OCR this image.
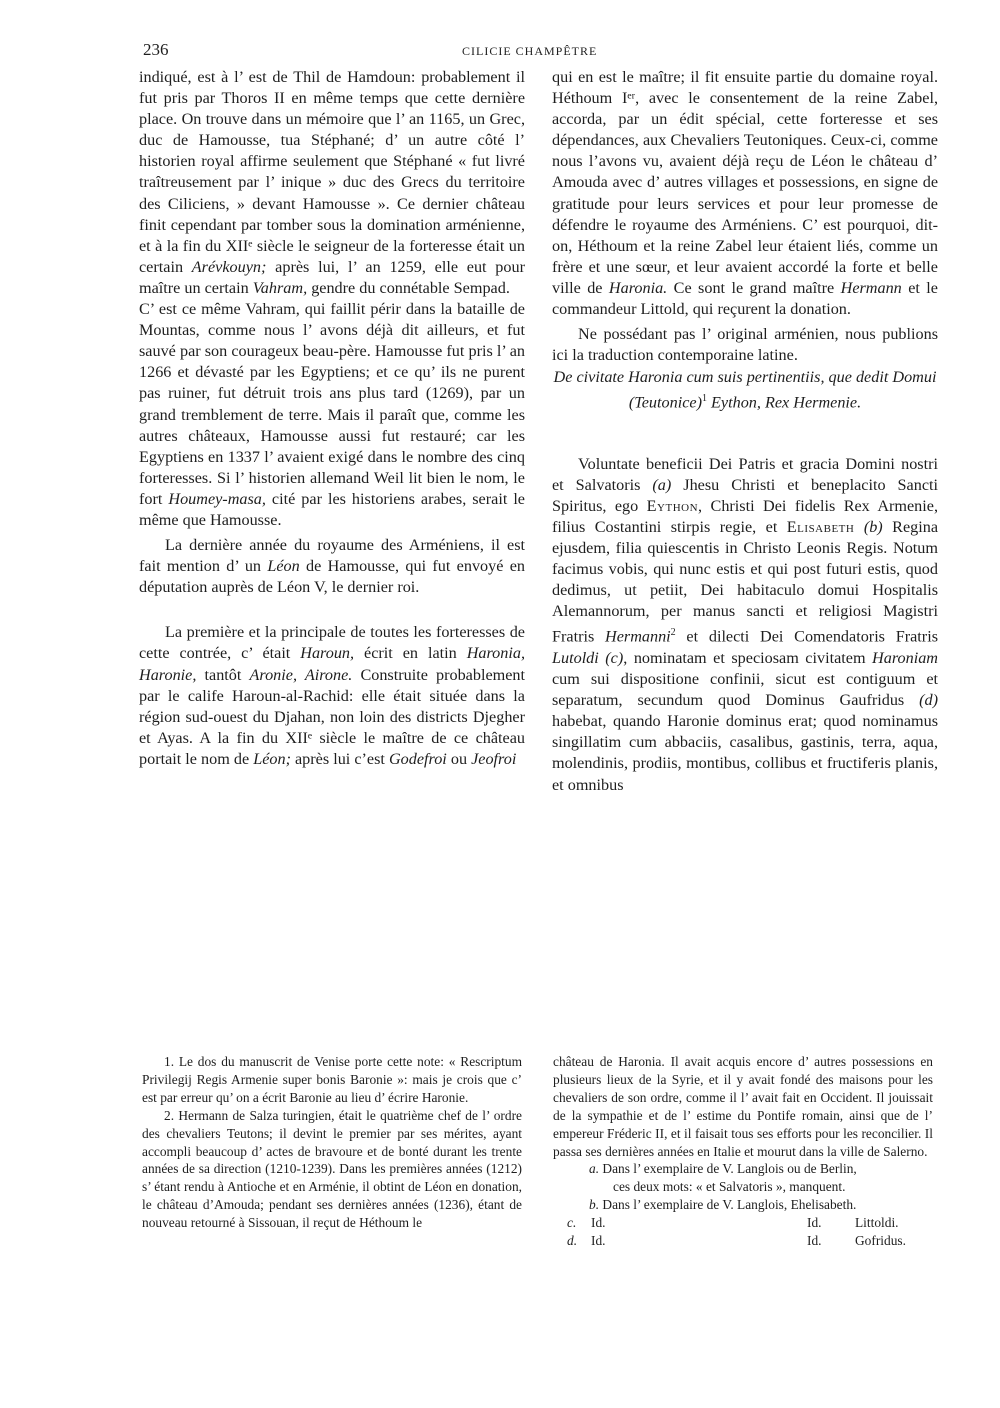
236	CILICIE CHAMPÊTRE

indiqué, est à l’ est de Thil de Hamdoun: probablement il fut pris par Thoros II en même temps que cette dernière place. On trouve dans un mémoire que l’ an 1165, un Grec, duc de Hamousse, tua Stéphané; d’ un autre côté l’ historien royal affirme seulement que Stéphané « fut livré traîtreusement par l’ inique » duc des Grecs du territoire des Ciliciens, » devant Hamousse ». Ce dernier château finit cependant par tomber sous la domination arménienne, et à la fin du XIIᵉ siècle le seigneur de la forteresse était un certain Arévkouyn; après lui, l’ an 1259, elle eut pour maître un certain Vahram, gendre du connétable Sempad.

C’ est ce même Vahram, qui faillit périr dans la bataille de Mountas, comme nous l’ avons déjà dit ailleurs, et fut sauvé par son courageux beau-père. Hamousse fut pris l’ an 1266 et dévasté par les Egyptiens; et ce qu’ ils ne purent pas ruiner, fut détruit trois ans plus tard (1269), par un grand tremblement de terre. Mais il paraît que, comme les autres châteaux, Hamousse aussi fut restauré; car les Egyptiens en 1337 l’ avaient exigé dans le nombre des cinq forteresses. Si l’ historien allemand Weil lit bien le nom, le fort Houmey-masa, cité par les historiens arabes, serait le même que Hamousse.

La dernière année du royaume des Arméniens, il est fait mention d’ un Léon de Hamousse, qui fut envoyé en députation auprès de Léon V, le dernier roi.

La première et la principale de toutes les forteresses de cette contrée, c’ était Haroun, écrit en latin Haronia, Haronie, tantôt Aronie, Airone. Construite probablement par le calife Haroun-al-Rachid: elle était située dans la région sud-ouest du Djahan, non loin des districts Djegher et Ayas. A la fin du XIIᵉ siècle le maître de ce château portait le nom de Léon; après lui c’est Godefroi ou Jeofroi

qui en est le maître; il fit ensuite partie du domaine royal. Héthoum Iᵉʳ, avec le consentement de la reine Zabel, accorda, par un édit spécial, cette forteresse et ses dépendances, aux Chevaliers Teutoniques. Ceux-ci, comme nous l’avons vu, avaient déjà reçu de Léon le château d’ Amouda avec d’ autres villages et possessions, en signe de gratitude pour leurs services et pour leur promesse de défendre le royaume des Arméniens. C’ est pourquoi, dit-on, Héthoum et la reine Zabel leur étaient liés, comme un frère et une sœur, et leur avaient accordé la forte et belle ville de Haronia. Ce sont le grand maître Hermann et le commandeur Littold, qui reçurent la donation.

Ne possédant pas l’ original arménien, nous publions ici la traduction contemporaine latine.

De civitate Haronia cum suis pertinentiis, que dedit Domui (Teutonice)$^1$ Eython, Rex Hermenie.

Voluntate beneficii Dei Patris et gracia Domini nostri et Salvatoris (a) Jhesu Christi et beneplacito Sancti Spiritus, ego Eython, Christi Dei fidelis Rex Armenie, filius Costantini stirpis regie, et Elisabeth (b) Regina ejusdem, filia quiescentis in Christo Leonis Regis. Notum facimus vobis, qui nunc estis et qui post futuri estis, quod dedimus, ut petiit, Dei habitaculo domui Hospitalis Alemannorum, per manus sancti et religiosi Magistri Fratris Hermanni$^2$ et dilecti Dei Comendatoris Fratris Lutoldi (c), nominatam et speciosam civitatem Haroniam cum sui dispositione confinii, sicut est contiguum et separatum, secundum quod Dominus Gaufridus (d) habebat, quando Haronie dominus erat; quod nominamus singillatim cum abbaciis, casalibus, gastinis, terra, aqua, molendinis, prodiis, montibus, collibus et fructiferis planis, et omnibus

1. Le dos du manuscrit de Venise porte cette note: « Rescriptum Privilegij Regis Armenie super bonis Baronie »: mais je crois que c’ est par erreur qu’ on a écrit Baronie au lieu d’ écrire Haronie.

2. Hermann de Salza turingien, était le quatrième chef de l’ ordre des chevaliers Teutons; il devint le premier par ses mérites, ayant accompli beaucoup d’ actes de bravoure et de bonté durant les trente années de sa direction (1210-1239). Dans les premières années (1212) s’ étant rendu à Antioche et en Arménie, il obtint de Léon en donation, le château d’Amouda; pendant ses dernières années (1236), étant de nouveau retourné à Sissouan, il reçut de Héthoum le

château de Haronia. Il avait acquis encore d’ autres possessions en plusieurs lieux de la Syrie, et il y avait fondé des maisons pour les chevaliers de son ordre, comme il l’ avait fait en Occident. Il jouissait de la sympathie et de l’ estime du Pontife romain, ainsi que de l’ empereur Fréderic II, et il faisait tous ses efforts pour les reconcilier. Il passa ses dernières années en Italie et mourut dans la ville de Salerno.

a. Dans l’ exemplaire de V. Langlois ou de Berlin,

ces deux mots: « et Salvatoris », manquent.

b. Dans l’ exemplaire de V. Langlois, Ehelisabeth.

c.	Id.	Id.	Littoldi.
d.	Id.	Id.	Gofridus.
